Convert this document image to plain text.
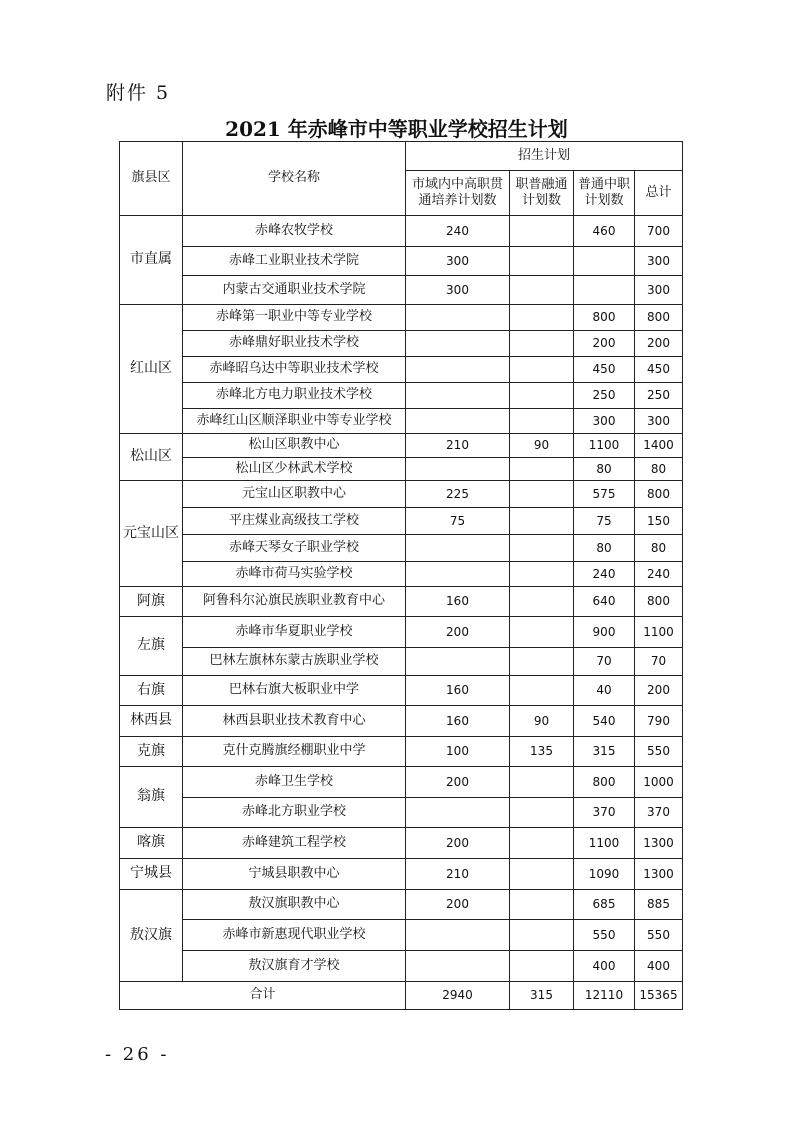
附件 5
2021 年赤峰市中等职业学校招生计划
旗县区	学校名称	招生计划			
		市域内中高职贯通培养计划数	职普融通计划数	普通中职计划数	总计
市直属	赤峰农牧学校	240		460	700
	赤峰工业职业技术学院	300			300
	内蒙古交通职业技术学院	300			300
红山区	赤峰第一职业中等专业学校			800	800
	赤峰鼎好职业技术学校			200	200
	赤峰昭乌达中等职业技术学校			450	450
	赤峰北方电力职业技术学校			250	250
	赤峰红山区顺泽职业中等专业学校			300	300
松山区	松山区职教中心	210	90	1100	1400
	松山区少林武术学校			80	80
元宝山区	元宝山区职教中心	225		575	800
	平庄煤业高级技工学校	75		75	150
	赤峰天琴女子职业学校			80	80
	赤峰市荷马实验学校			240	240
阿旗	阿鲁科尔沁旗民族职业教育中心	160		640	800
左旗	赤峰市华夏职业学校	200		900	1100
	巴林左旗林东蒙古族职业学校			70	70
右旗	巴林右旗大板职业中学	160		40	200
林西县	林西县职业技术教育中心	160	90	540	790
克旗	克什克腾旗经棚职业中学	100	135	315	550
翁旗	赤峰卫生学校	200		800	1000
	赤峰北方职业学校			370	370
喀旗	赤峰建筑工程学校	200		1100	1300
宁城县	宁城县职教中心	210		1090	1300
敖汉旗	敖汉旗职教中心	200		685	885
	赤峰市新惠现代职业学校			550	550
	敖汉旗育才学校			400	400
合计		2940	315	12110	15365
- 26 -
